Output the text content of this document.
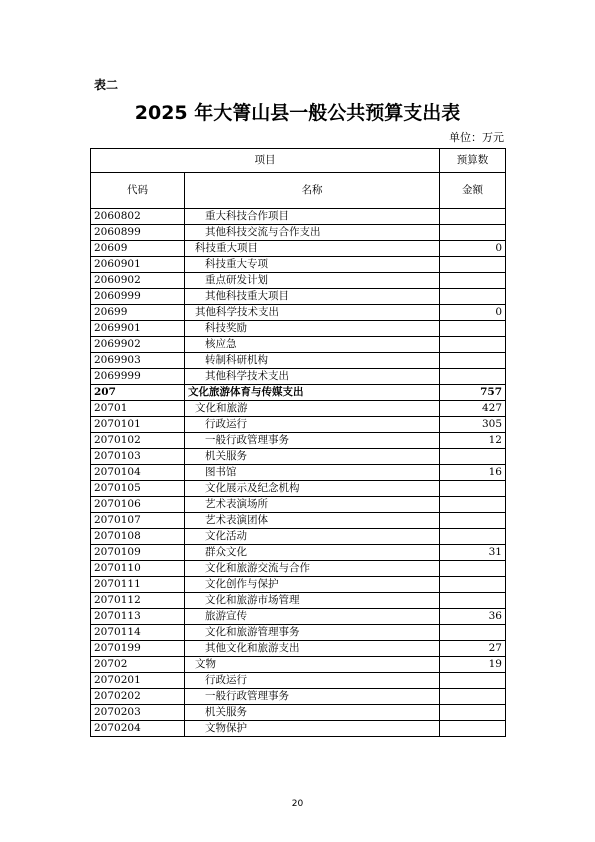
表二
2025 年大箐山县一般公共预算支出表
单位：万元
项目		预算数
代码	名称	金额
2060802	重大科技合作项目	
2060899	其他科技交流与合作支出	
20609	科技重大项目	0
2060901	科技重大专项	
2060902	重点研发计划	
2060999	其他科技重大项目	
20699	其他科学技术支出	0
2069901	科技奖励	
2069902	核应急	
2069903	转制科研机构	
2069999	其他科学技术支出	
207	文化旅游体育与传媒支出	757
20701	文化和旅游	427
2070101	行政运行	305
2070102	一般行政管理事务	12
2070103	机关服务	
2070104	图书馆	16
2070105	文化展示及纪念机构	
2070106	艺术表演场所	
2070107	艺术表演团体	
2070108	文化活动	
2070109	群众文化	31
2070110	文化和旅游交流与合作	
2070111	文化创作与保护	
2070112	文化和旅游市场管理	
2070113	旅游宣传	36
2070114	文化和旅游管理事务	
2070199	其他文化和旅游支出	27
20702	文物	19
2070201	行政运行	
2070202	一般行政管理事务	
2070203	机关服务	
2070204	文物保护	
20
